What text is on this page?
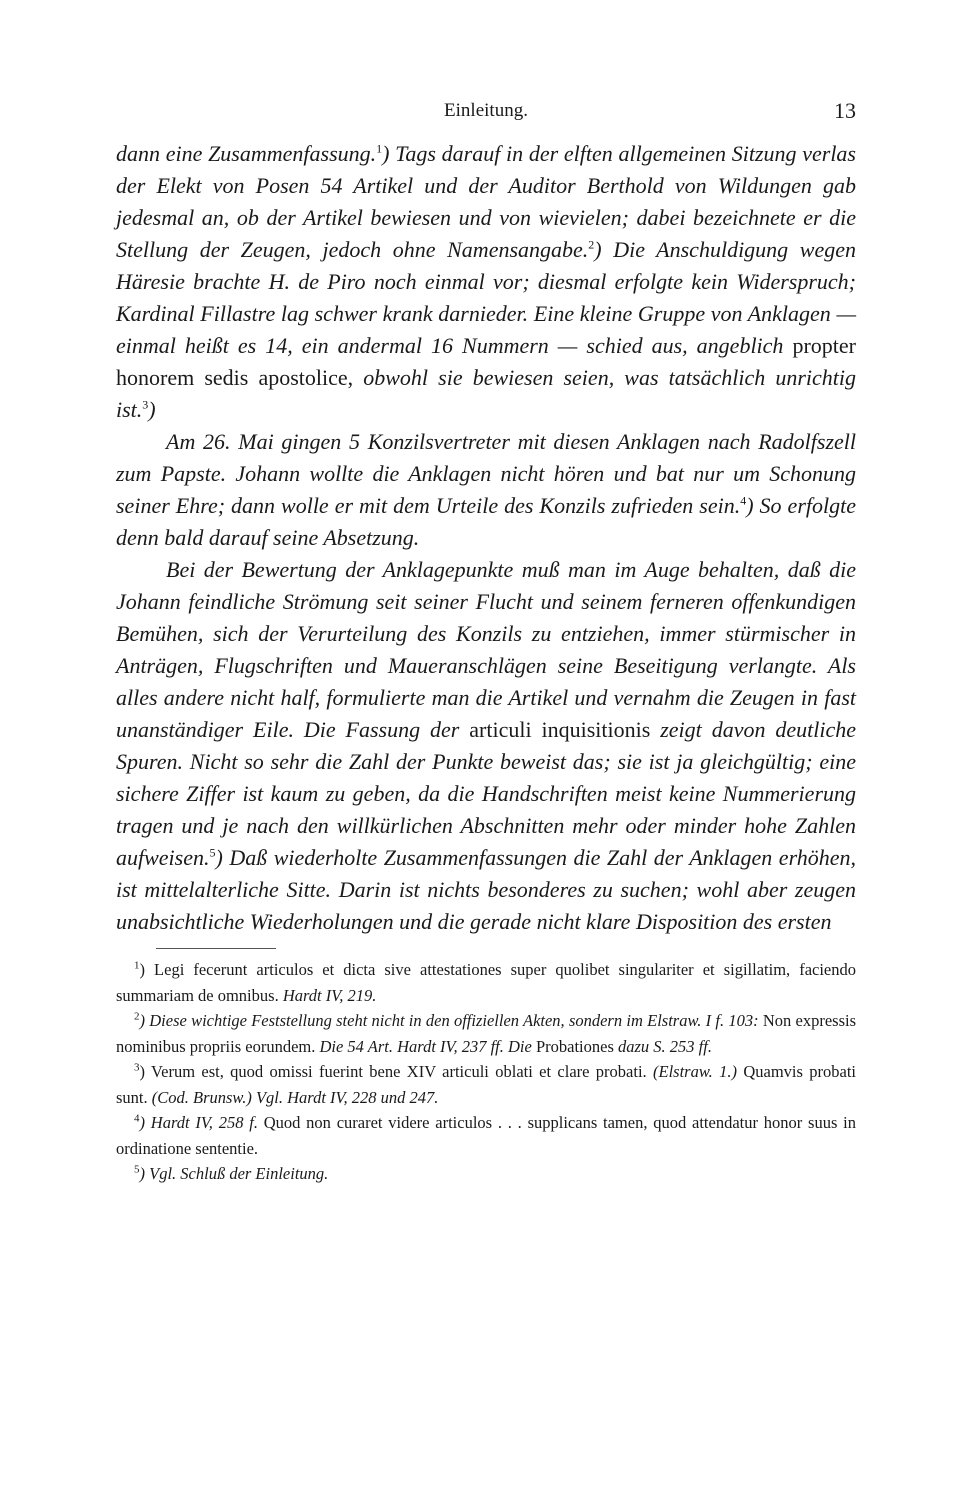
Einleitung.	13

dann eine Zusammenfassung.$^1$) Tags darauf in der elften allgemeinen Sitzung verlas der Elekt von Posen 54 Artikel und der Auditor Berthold von Wildungen gab jedesmal an, ob der Artikel bewiesen und von wievielen; dabei bezeichnete er die Stellung der Zeugen, jedoch ohne Namensangabe.$^2$) Die Anschuldigung wegen Häresie brachte H. de Piro noch einmal vor; diesmal erfolgte kein Widerspruch; Kardinal Fillastre lag schwer krank darnieder. Eine kleine Gruppe von Anklagen — einmal heißt es 14, ein andermal 16 Nummern — schied aus, angeblich propter honorem sedis apostolice, obwohl sie bewiesen seien, was tatsächlich unrichtig ist.$^3$)

Am 26. Mai gingen 5 Konzilsvertreter mit diesen Anklagen nach Radolfszell zum Papste. Johann wollte die Anklagen nicht hören und bat nur um Schonung seiner Ehre; dann wolle er mit dem Urteile des Konzils zufrieden sein.$^4$) So erfolgte denn bald darauf seine Absetzung.

Bei der Bewertung der Anklagepunkte muß man im Auge behalten, daß die Johann feindliche Strömung seit seiner Flucht und seinem ferneren offenkundigen Bemühen, sich der Verurteilung des Konzils zu entziehen, immer stürmischer in Anträgen, Flugschriften und Maueranschlägen seine Beseitigung verlangte. Als alles andere nicht half, formulierte man die Artikel und vernahm die Zeugen in fast unanständiger Eile. Die Fassung der articuli inquisitionis zeigt davon deutliche Spuren. Nicht so sehr die Zahl der Punkte beweist das; sie ist ja gleichgültig; eine sichere Ziffer ist kaum zu geben, da die Handschriften meist keine Nummerierung tragen und je nach den willkürlichen Abschnitten mehr oder minder hohe Zahlen aufweisen.$^5$) Daß wiederholte Zusammenfassungen die Zahl der Anklagen erhöhen, ist mittelalterliche Sitte. Darin ist nichts besonderes zu suchen; wohl aber zeugen unabsichtliche Wiederholungen und die gerade nicht klare Disposition des ersten

$^1$) Legi fecerunt articulos et dicta sive attestationes super quolibet singulariter et sigillatim, faciendo summariam de omnibus. Hardt IV, 219.

$^2$) Diese wichtige Feststellung steht nicht in den offiziellen Akten, sondern im Elstraw. I f. 103: Non expressis nominibus propriis eorundem. Die 54 Art. Hardt IV, 237 ff. Die Probationes dazu S. 253 ff.

$^3$) Verum est, quod omissi fuerint bene XIV articuli oblati et clare probati. (Elstraw. 1.) Quamvis probati sunt. (Cod. Brunsw.) Vgl. Hardt IV, 228 und 247.

$^4$) Hardt IV, 258 f. Quod non curaret videre articulos . . . supplicans tamen, quod attendatur honor suus in ordinatione sententie.

$^5$) Vgl. Schluß der Einleitung.
